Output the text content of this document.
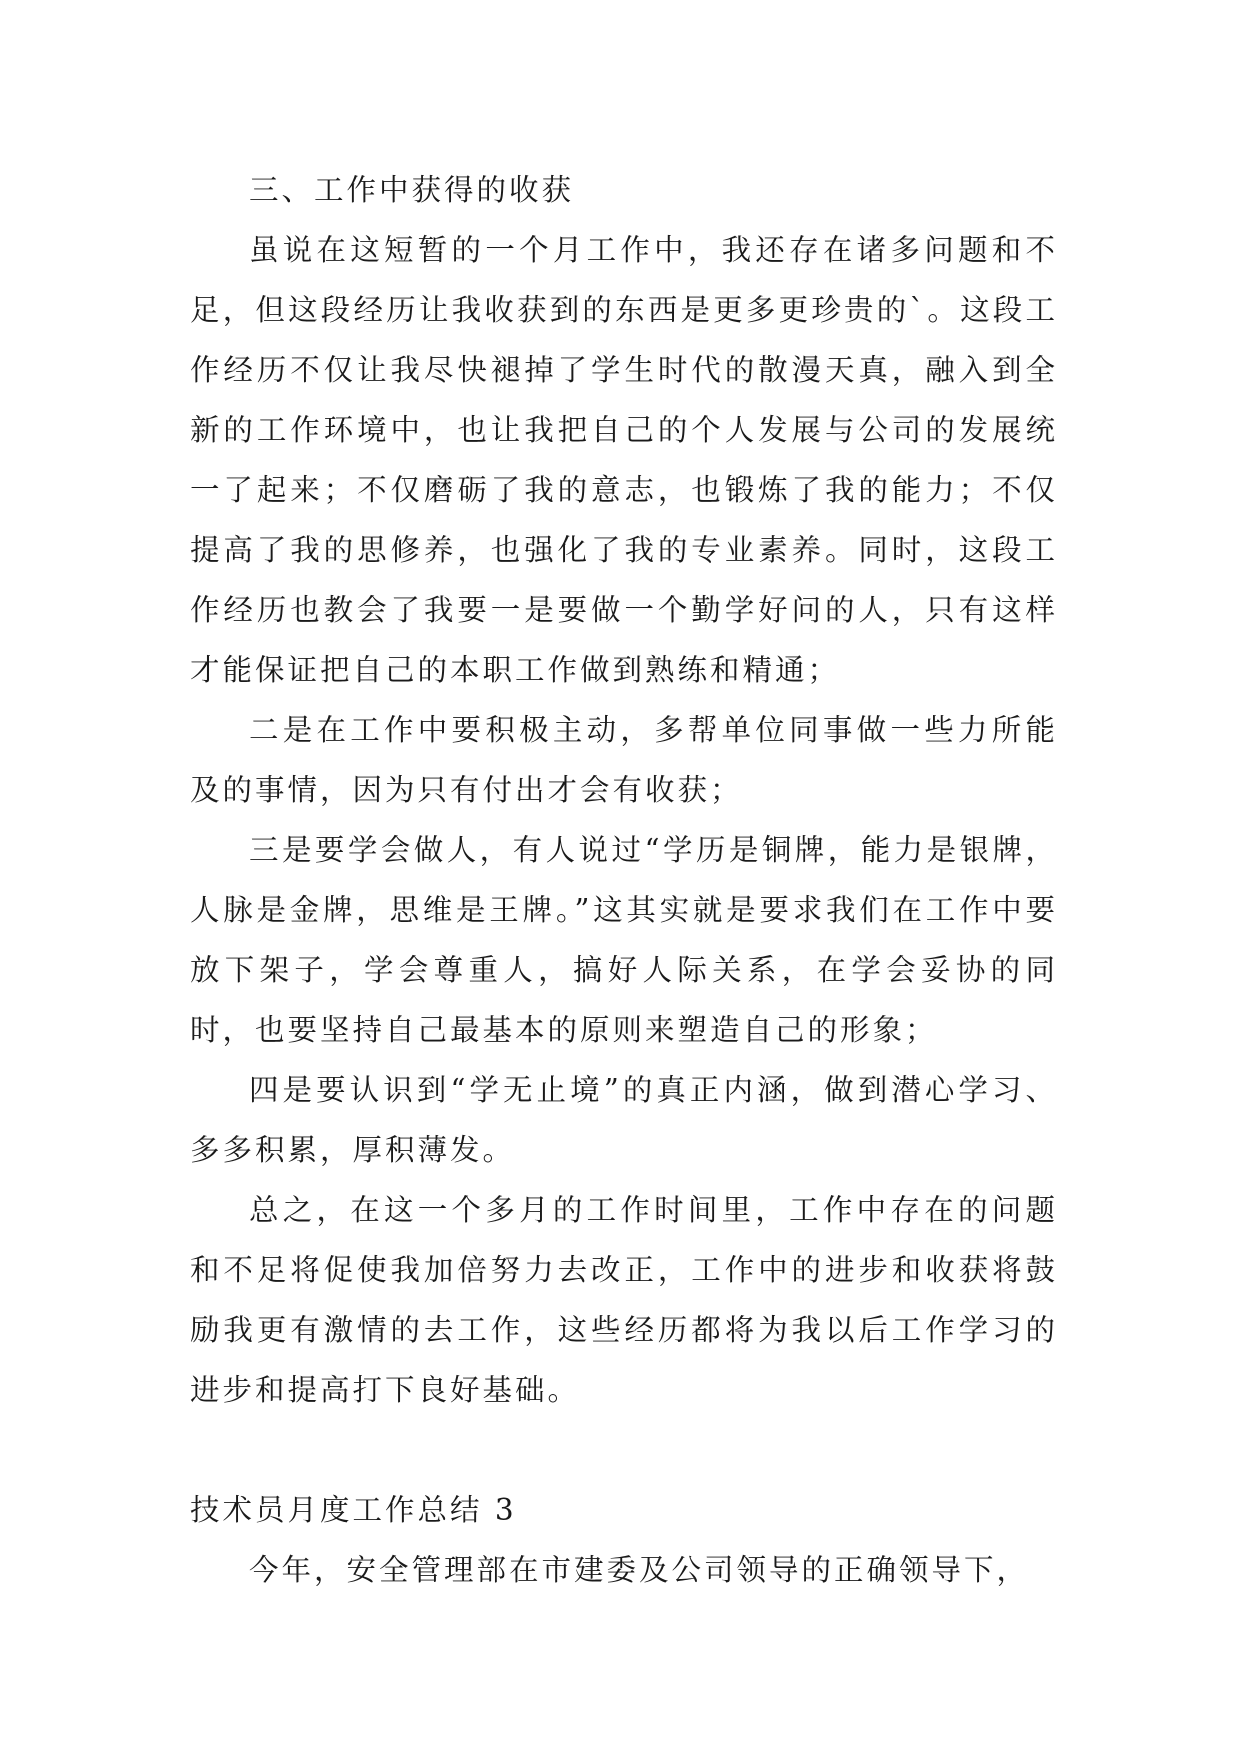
三、工作中获得的收获

虽说在这短暂的一个月工作中，我还存在诸多问题和不足，但这段经历让我收获到的东西是更多更珍贵的`。这段工作经历不仅让我尽快褪掉了学生时代的散漫天真，融入到全新的工作环境中，也让我把自己的个人发展与公司的发展统一了起来；不仅磨砺了我的意志，也锻炼了我的能力；不仅提高了我的思修养，也强化了我的专业素养。同时，这段工作经历也教会了我要一是要做一个勤学好问的人，只有这样才能保证把自己的本职工作做到熟练和精通；

二是在工作中要积极主动，多帮单位同事做一些力所能及的事情，因为只有付出才会有收获；

三是要学会做人，有人说过“学历是铜牌，能力是银牌，人脉是金牌，思维是王牌。”这其实就是要求我们在工作中要放下架子，学会尊重人，搞好人际关系，在学会妥协的同时，也要坚持自己最基本的原则来塑造自己的形象；

四是要认识到“学无止境”的真正内涵，做到潜心学习、多多积累，厚积薄发。

总之，在这一个多月的工作时间里，工作中存在的问题和不足将促使我加倍努力去改正，工作中的进步和收获将鼓励我更有激情的去工作，这些经历都将为我以后工作学习的进步和提高打下良好基础。

技术员月度工作总结 3

今年，安全管理部在市建委及公司领导的正确领导下，
